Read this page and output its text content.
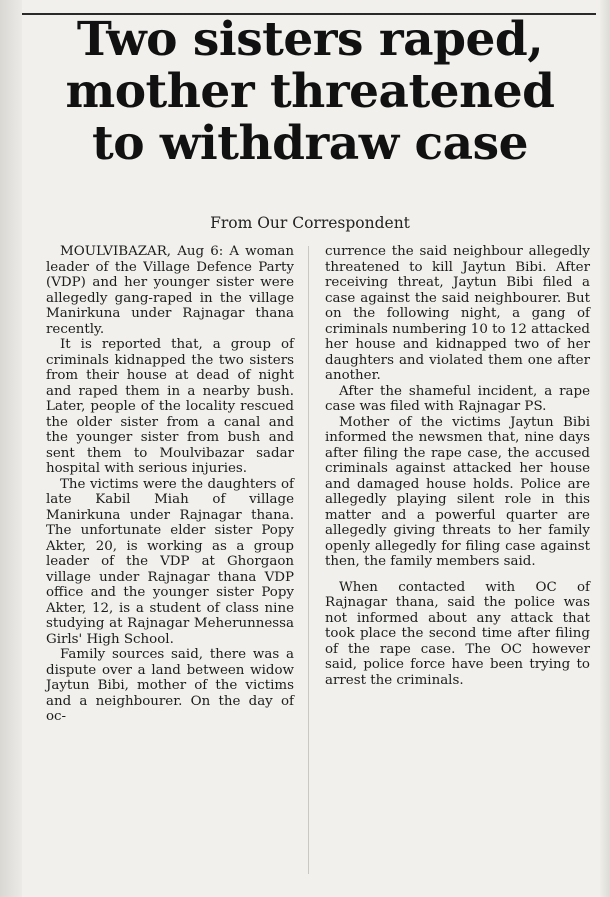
Two sisters raped,
mother threatened
to withdraw case
From Our Correspondent

MOULVIBAZAR, Aug 6: A woman leader of the Village Defence Party (VDP) and her younger sister were allegedly gang-raped in the village Manirkuna under Rajnagar thana recently.

It is reported that, a group of criminals kidnapped the two sisters from their house at dead of night and raped them in a nearby bush. Later, people of the locality rescued the older sister from a canal and the younger sister from bush and sent them to Moulvibazar sadar hospital with serious injuries.

The victims were the daughters of late Kabil Miah of village Manirkuna under Rajnagar thana. The unfortunate elder sister Popy Akter, 20, is working as a group leader of the VDP at Ghorgaon village under Rajnagar thana VDP office and the younger sister Popy Akter, 12, is a student of class nine studying at Rajnagar Meherunnessa Girls' High School.

Family sources said, there was a dispute over a land between widow Jaytun Bibi, mother of the victims and a neighbourer. On the day of oc-

currence the said neighbour allegedly threatened to kill Jaytun Bibi. After receiving threat, Jaytun Bibi filed a case against the said neighbourer. But on the following night, a gang of criminals numbering 10 to 12 attacked her house and kidnapped two of her daughters and violated them one after another.

After the shameful incident, a rape case was filed with Rajnagar PS.

Mother of the victims Jaytun Bibi informed the newsmen that, nine days after filing the rape case, the accused criminals against attacked her house and damaged house holds. Police are allegedly playing silent role in this matter and a powerful quarter are allegedly giving threats to her family openly allegedly for filing case against then, the family members said.

When contacted with OC of Rajnagar thana, said the police was not informed about any attack that took place the second time after filing of the rape case. The OC however said, police force have been trying to arrest the criminals.
